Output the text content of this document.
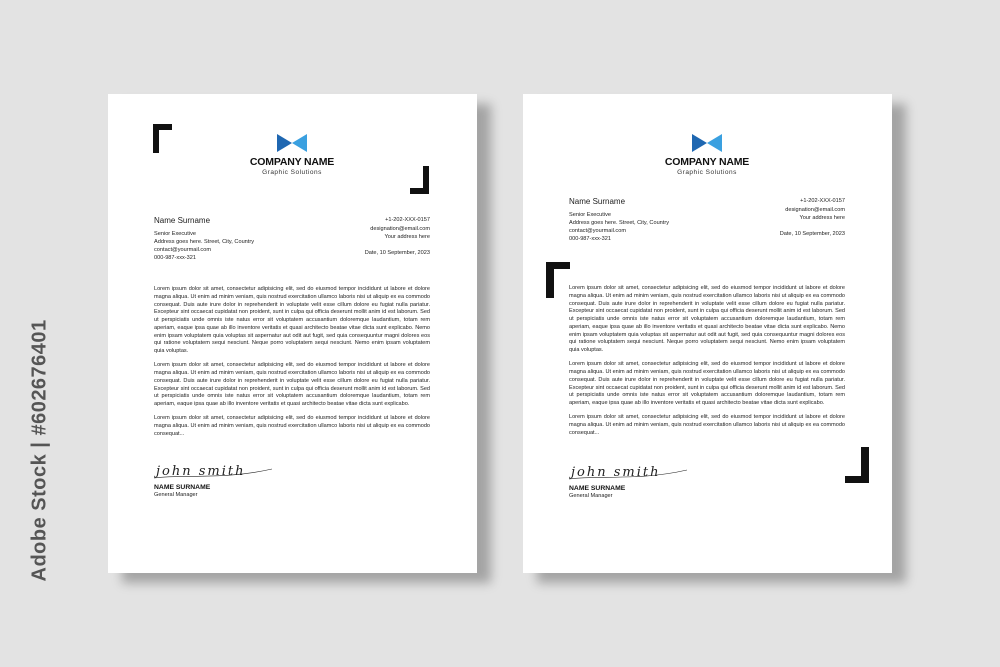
Adobe Stock | #602676401
COMPANY NAME
Graphic Solutions
Name Surname
Senior Executive
Address goes here. Street, City, Country
contact@yourmail.com
000-987-xxx-321
+1-202-XXX-0157
designation@email.com
Your address here
Date, 10 September, 2023

Lorem ipsum dolor sit amet, consectetur adipisicing elit, sed do eiusmod tempor incididunt ut labore et dolore magna aliqua. Ut enim ad minim veniam, quis nostrud exercitation ullamco laboris nisi ut aliquip ex ea commodo consequat. Duis aute irure dolor in reprehenderit in voluptate velit esse cillum dolore eu fugiat nulla pariatur. Excepteur sint occaecat cupidatat non proident, sunt in culpa qui officia deserunt mollit anim id est laborum. Sed ut perspiciatis unde omnis iste natus error sit voluptatem accusantium doloremque laudantium, totam rem aperiam, eaque ipsa quae ab illo inventore veritatis et quasi architecto beatae vitae dicta sunt explicabo. Nemo enim ipsam voluptatem quia voluptas sit aspernatur aut odit aut fugit, sed quia consequuntur magni dolores eos qui ratione voluptatem sequi nesciunt. Neque porro voluptatem sequi nesciunt. Nemo enim ipsam voluptatem quia voluptas.

Lorem ipsum dolor sit amet, consectetur adipisicing elit, sed do eiusmod tempor incididunt ut labore et dolore magna aliqua. Ut enim ad minim veniam, quis nostrud exercitation ullamco laboris nisi ut aliquip ex ea commodo consequat. Duis aute irure dolor in reprehenderit in voluptate velit esse cillum dolore eu fugiat nulla pariatur. Excepteur sint occaecat cupidatat non proident, sunt in culpa qui officia deserunt mollit anim id est laborum. Sed ut perspiciatis unde omnis iste natus error sit voluptatem accusantium doloremque laudantium, totam rem aperiam, eaque ipsa quae ab illo inventore veritatis et quasi architecto beatae vitae dicta sunt explicabo.

Lorem ipsum dolor sit amet, consectetur adipisicing elit, sed do eiusmod tempor incididunt ut labore et dolore magna aliqua. Ut enim ad minim veniam, quis nostrud exercitation ullamco laboris nisi ut aliquip ex ea commodo consequat...

john smith
NAME SURNAME
General Manager
COMPANY NAME
Graphic Solutions
Name Surname
Senior Executive
Address goes here. Street, City, Country
contact@yourmail.com
000-987-xxx-321
+1-202-XXX-0157
designation@email.com
Your address here
Date, 10 September, 2023

Lorem ipsum dolor sit amet, consectetur adipisicing elit, sed do eiusmod tempor incididunt ut labore et dolore magna aliqua. Ut enim ad minim veniam, quis nostrud exercitation ullamco laboris nisi ut aliquip ex ea commodo consequat. Duis aute irure dolor in reprehenderit in voluptate velit esse cillum dolore eu fugiat nulla pariatur. Excepteur sint occaecat cupidatat non proident, sunt in culpa qui officia deserunt mollit anim id est laborum. Sed ut perspiciatis unde omnis iste natus error sit voluptatem accusantium doloremque laudantium, totam rem aperiam, eaque ipsa quae ab illo inventore veritatis et quasi architecto beatae vitae dicta sunt explicabo. Nemo enim ipsam voluptatem quia voluptas sit aspernatur aut odit aut fugit, sed quia consequuntur magni dolores eos qui ratione voluptatem sequi nesciunt. Neque porro voluptatem sequi nesciunt. Nemo enim ipsam voluptatem quia voluptas.

Lorem ipsum dolor sit amet, consectetur adipisicing elit, sed do eiusmod tempor incididunt ut labore et dolore magna aliqua. Ut enim ad minim veniam, quis nostrud exercitation ullamco laboris nisi ut aliquip ex ea commodo consequat. Duis aute irure dolor in reprehenderit in voluptate velit esse cillum dolore eu fugiat nulla pariatur. Excepteur sint occaecat cupidatat non proident, sunt in culpa qui officia deserunt mollit anim id est laborum. Sed ut perspiciatis unde omnis iste natus error sit voluptatem accusantium doloremque laudantium, totam rem aperiam, eaque ipsa quae ab illo inventore veritatis et quasi architecto beatae vitae dicta sunt explicabo.

Lorem ipsum dolor sit amet, consectetur adipisicing elit, sed do eiusmod tempor incididunt ut labore et dolore magna aliqua. Ut enim ad minim veniam, quis nostrud exercitation ullamco laboris nisi ut aliquip ex ea commodo consequat...

john smith
NAME SURNAME
General Manager
